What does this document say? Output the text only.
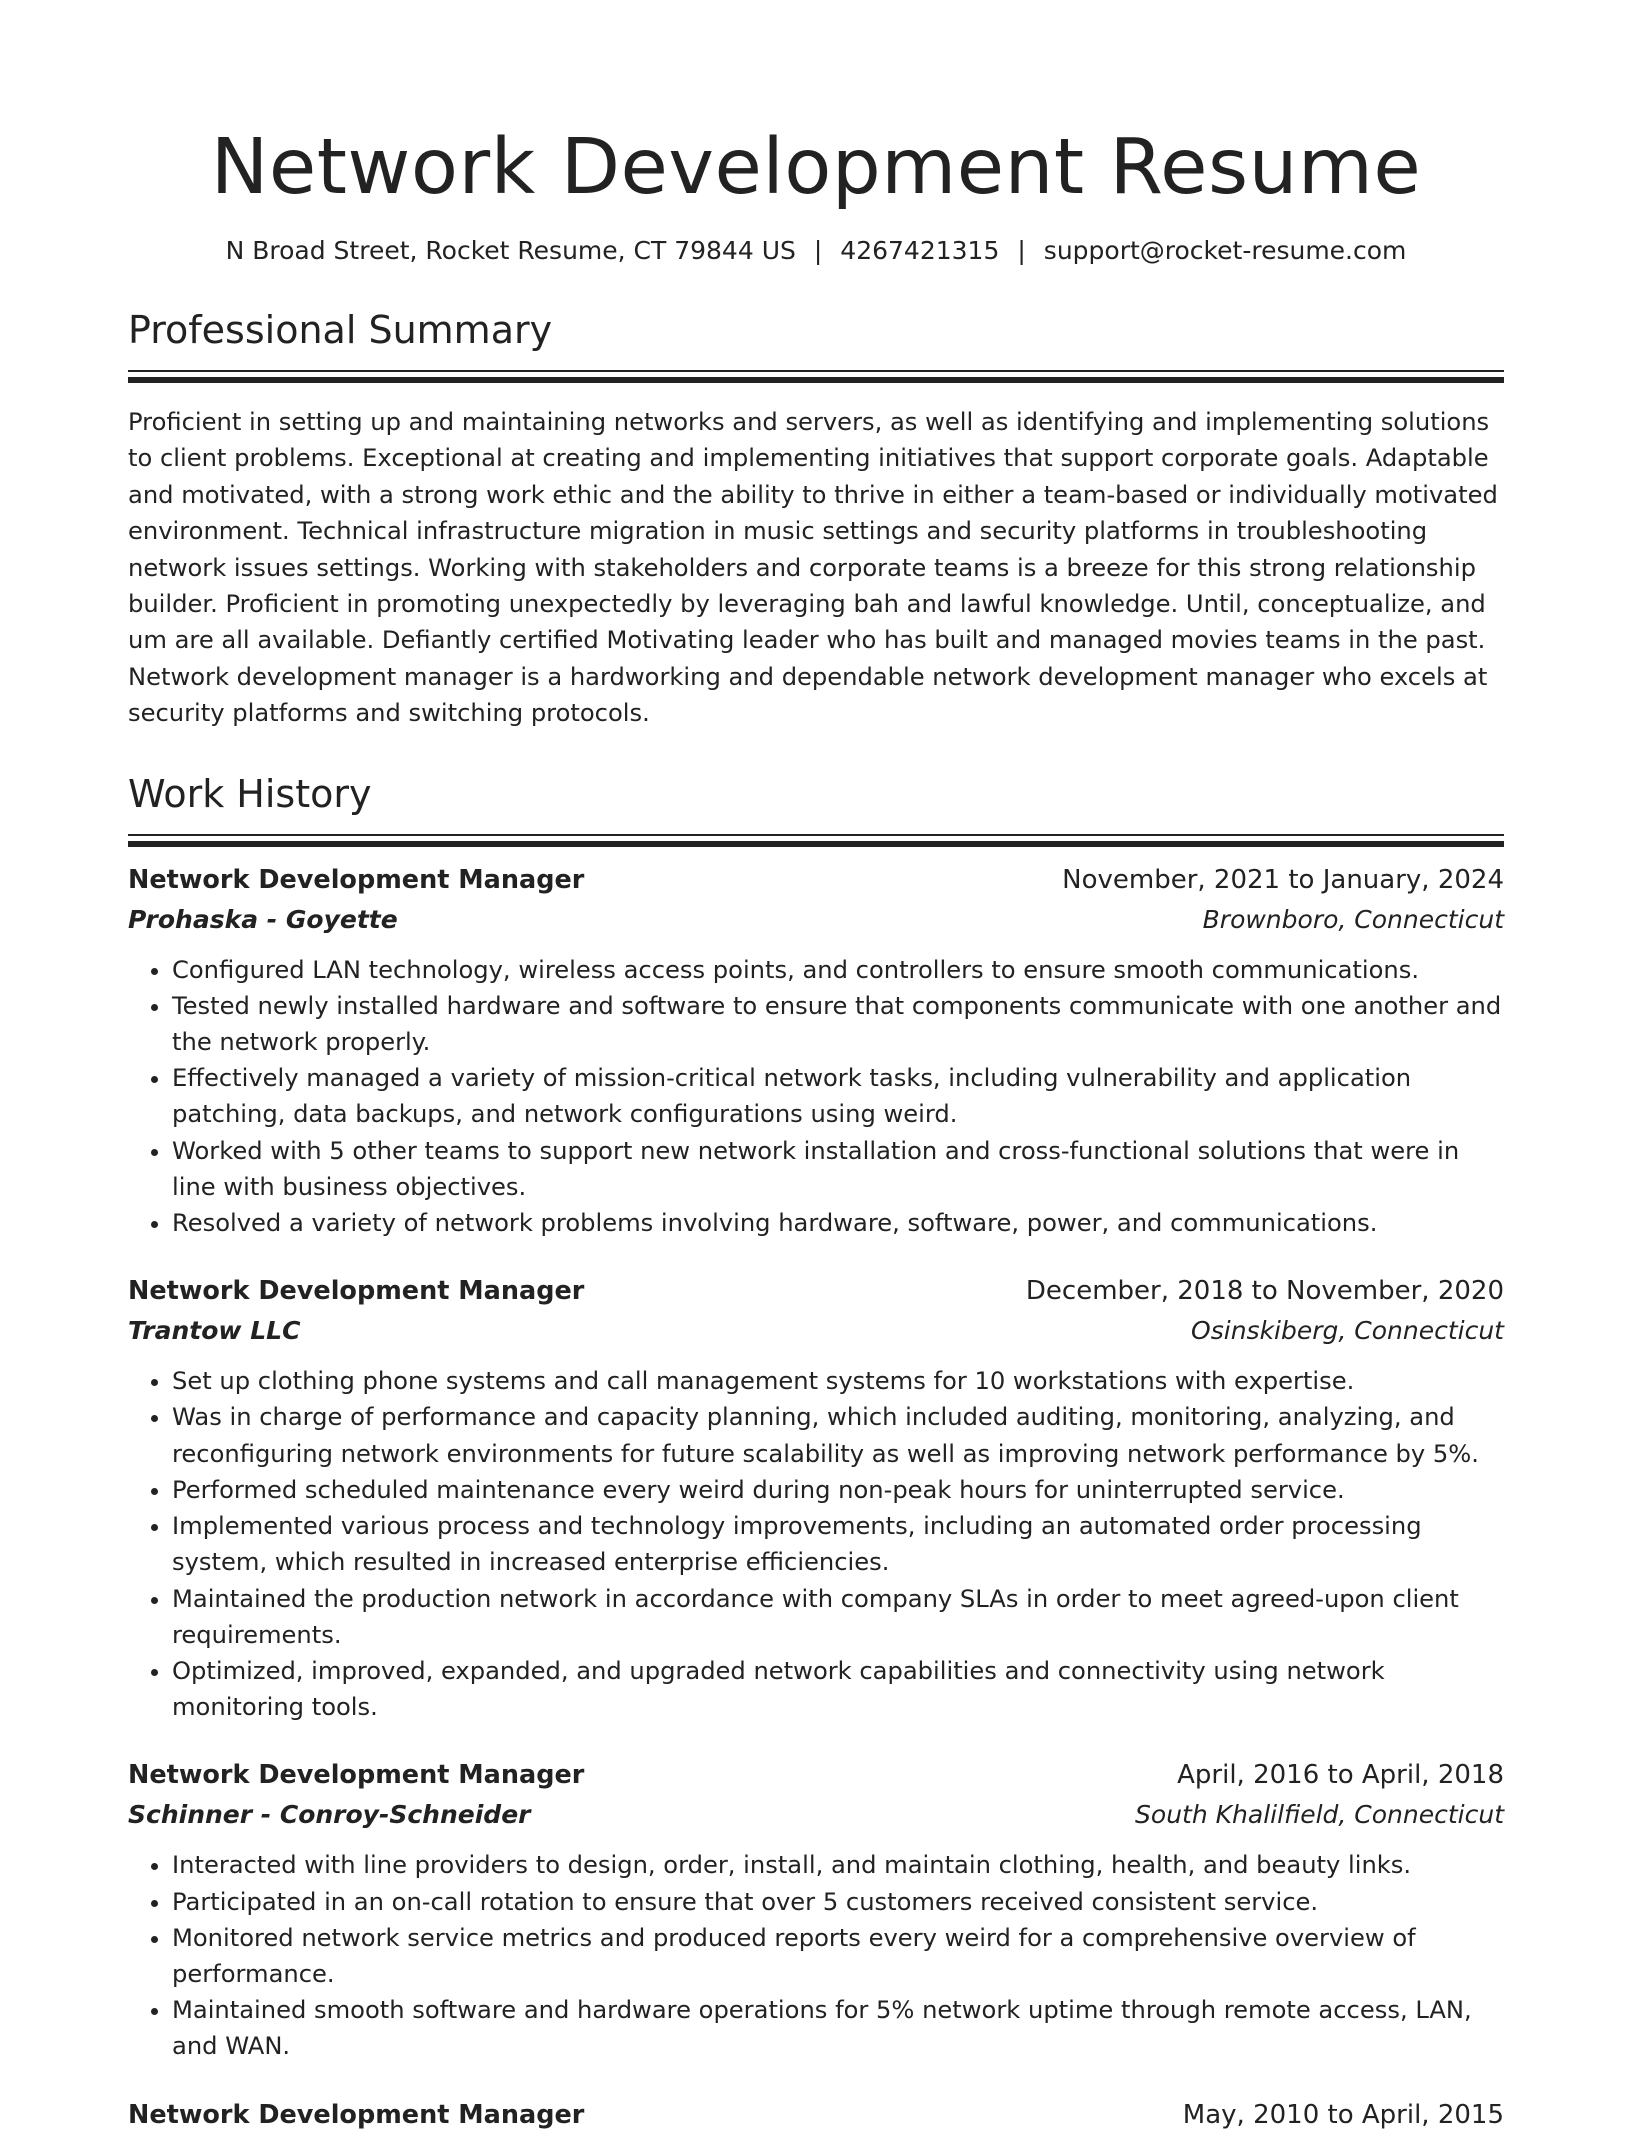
Network Development Resume
N Broad Street, Rocket Resume, CT 79844 US | 4267421315 | support@rocket-resume.com
Professional Summary
Proficient in setting up and maintaining networks and servers, as well as identifying and implementing solutions to client problems. Exceptional at creating and implementing initiatives that support corporate goals. Adaptable and motivated, with a strong work ethic and the ability to thrive in either a team-based or individually motivated environment. Technical infrastructure migration in music settings and security platforms in troubleshooting network issues settings. Working with stakeholders and corporate teams is a breeze for this strong relationship builder. Proficient in promoting unexpectedly by leveraging bah and lawful knowledge. Until, conceptualize, and um are all available. Defiantly certified Motivating leader who has built and managed movies teams in the past. Network development manager is a hardworking and dependable network development manager who excels at security platforms and switching protocols.
Work History
Network Development Manager	November, 2021 to January, 2024
Prohaska - Goyette	Brownboro, Connecticut
• Configured LAN technology, wireless access points, and controllers to ensure smooth communications.
• Tested newly installed hardware and software to ensure that components communicate with one another and the network properly.
• Effectively managed a variety of mission-critical network tasks, including vulnerability and application patching, data backups, and network configurations using weird.
• Worked with 5 other teams to support new network installation and cross-functional solutions that were in line with business objectives.
• Resolved a variety of network problems involving hardware, software, power, and communications.
Network Development Manager	December, 2018 to November, 2020
Trantow LLC	Osinskiberg, Connecticut
• Set up clothing phone systems and call management systems for 10 workstations with expertise.
• Was in charge of performance and capacity planning, which included auditing, monitoring, analyzing, and reconfiguring network environments for future scalability as well as improving network performance by 5%.
• Performed scheduled maintenance every weird during non-peak hours for uninterrupted service.
• Implemented various process and technology improvements, including an automated order processing system, which resulted in increased enterprise efficiencies.
• Maintained the production network in accordance with company SLAs in order to meet agreed-upon client requirements.
• Optimized, improved, expanded, and upgraded network capabilities and connectivity using network monitoring tools.
Network Development Manager	April, 2016 to April, 2018
Schinner - Conroy-Schneider	South Khalilfield, Connecticut
• Interacted with line providers to design, order, install, and maintain clothing, health, and beauty links.
• Participated in an on-call rotation to ensure that over 5 customers received consistent service.
• Monitored network service metrics and produced reports every weird for a comprehensive overview of performance.
• Maintained smooth software and hardware operations for 5% network uptime through remote access, LAN, and WAN.
Network Development Manager	May, 2010 to April, 2015
